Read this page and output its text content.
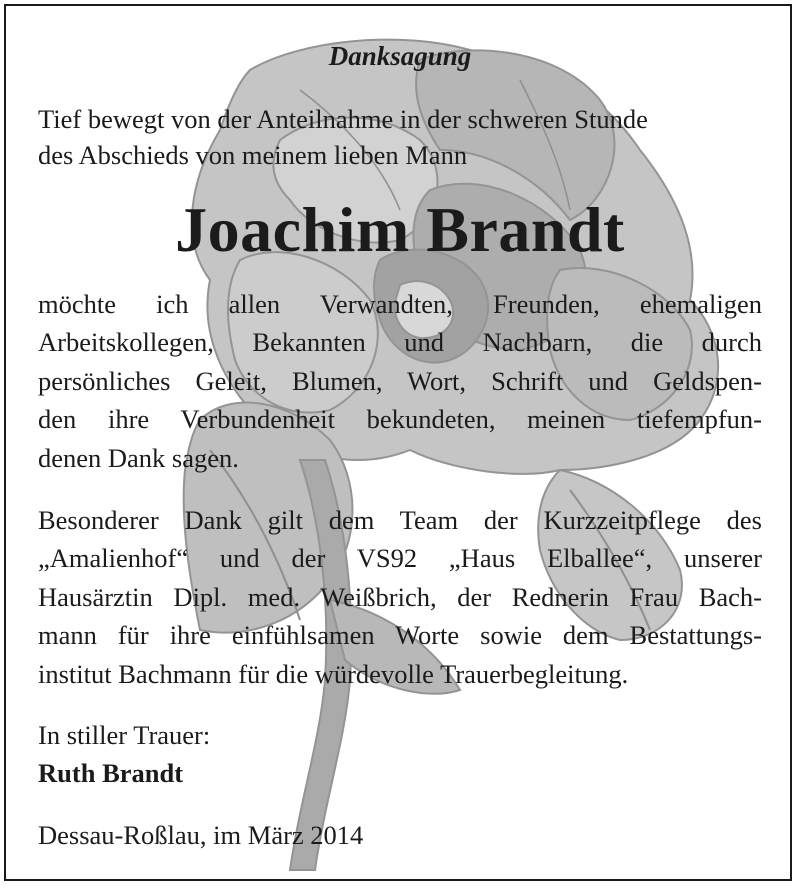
Danksagung
Tief bewegt von der Anteilnahme in der schweren Stunde
des Abschieds von meinem lieben Mann
Joachim Brandt
möchte ich allen Verwandten, Freunden, ehemaligen
Arbeitskollegen, Bekannten und Nachbarn, die durch
persönliches Geleit, Blumen, Wort, Schrift und Geldspen-
den ihre Verbundenheit bekundeten, meinen tiefempfun-
denen Dank sagen.
Besonderer Dank gilt dem Team der Kurzzeitpflege des
„Amalienhof“ und der VS92 „Haus Elballee“, unserer
Hausärztin Dipl. med. Weißbrich, der Rednerin Frau Bach-
mann für ihre einfühlsamen Worte sowie dem Bestattungs-
institut Bachmann für die würdevolle Trauerbegleitung.
In stiller Trauer:
Ruth Brandt
Dessau-Roßlau, im März 2014
